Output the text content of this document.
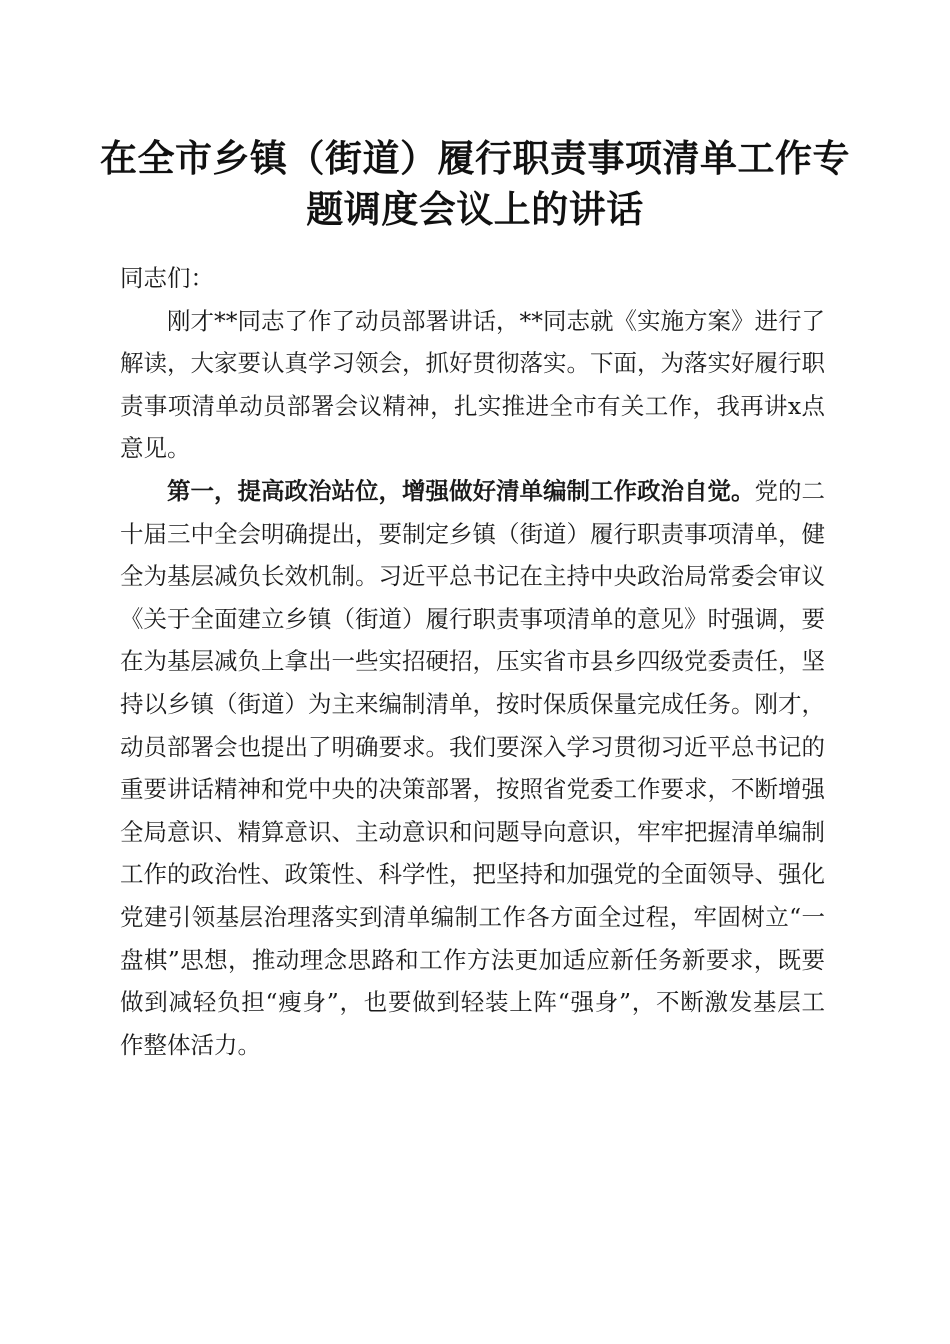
在全市乡镇（街道）履行职责事项清单工作专
题调度会议上的讲话

同志们：

刚才**同志了作了动员部署讲话，**同志就《实施方案》进行了解读，大家要认真学习领会，抓好贯彻落实。下面，为落实好履行职责事项清单动员部署会议精神，扎实推进全市有关工作，我再讲x点意见。

第一，提高政治站位，增强做好清单编制工作政治自觉。党的二十届三中全会明确提出，要制定乡镇（街道）履行职责事项清单，健全为基层减负长效机制。习近平总书记在主持中央政治局常委会审议《关于全面建立乡镇（街道）履行职责事项清单的意见》时强调，要在为基层减负上拿出一些实招硬招，压实省市县乡四级党委责任，坚持以乡镇（街道）为主来编制清单，按时保质保量完成任务。刚才，动员部署会也提出了明确要求。我们要深入学习贯彻习近平总书记的重要讲话精神和党中央的决策部署，按照省党委工作要求，不断增强全局意识、精算意识、主动意识和问题导向意识，牢牢把握清单编制工作的政治性、政策性、科学性，把坚持和加强党的全面领导、强化党建引领基层治理落实到清单编制工作各方面全过程，牢固树立“一盘棋”思想，推动理念思路和工作方法更加适应新任务新要求，既要做到减轻负担“瘦身”，也要做到轻装上阵“强身”，不断激发基层工作整体活力。
